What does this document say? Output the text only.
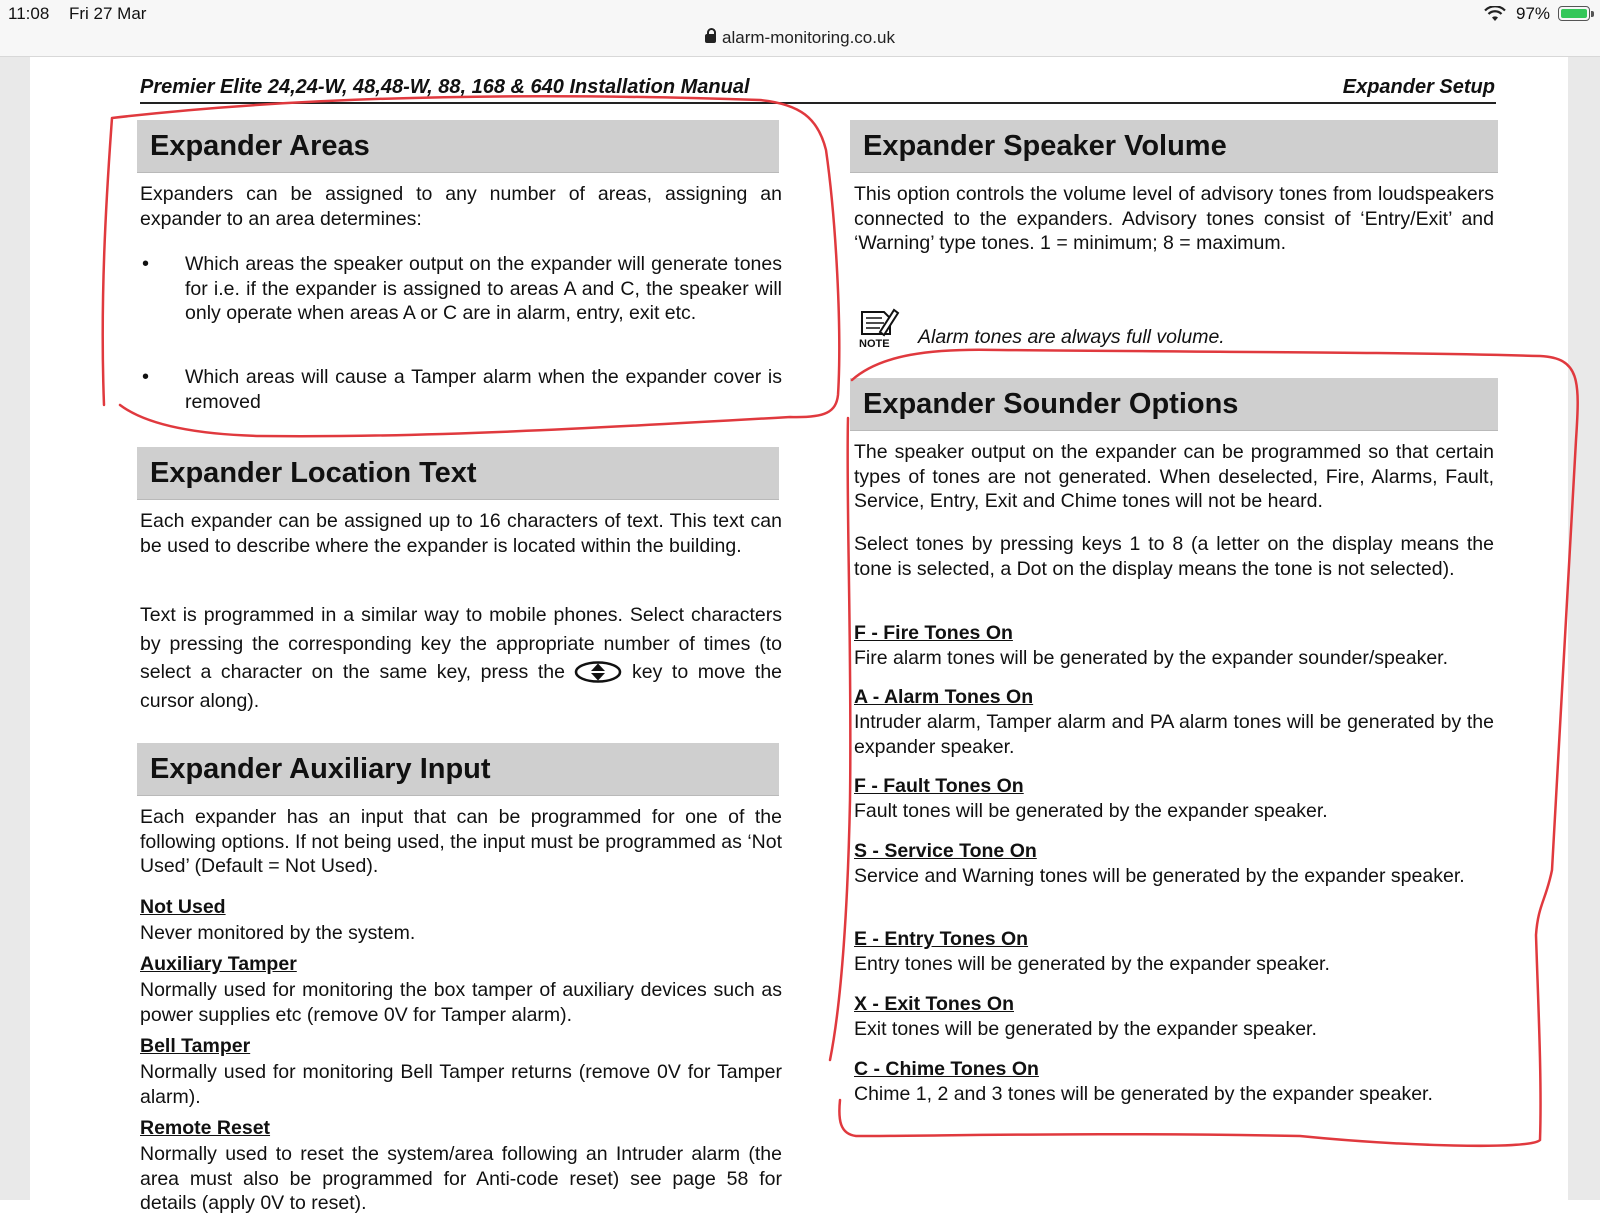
11:08 Fri 27 Mar	97%
alarm-monitoring.co.uk
Premier Elite 24,24-W, 48,48-W, 88, 168 & 640 Installation Manual	Expander Setup
Expander Areas

Expanders can be assigned to any number of areas, assigning an expander to an area determines:

• Which areas the speaker output on the expander will generate tones for i.e. if the expander is assigned to areas A and C, the speaker will only operate when areas A or C are in alarm, entry, exit etc.
• Which areas will cause a Tamper alarm when the expander cover is removed
Expander Location Text

Each expander can be assigned up to 16 characters of text. This text can be used to describe where the expander is located within the building.

Text is programmed in a similar way to mobile phones. Select characters by pressing the corresponding key the appropriate number of times (to select a character on the same key, press the	key to move the cursor along).

Expander Auxiliary Input

Each expander has an input that can be programmed for one of the following options. If not being used, the input must be programmed as ‘Not Used’ (Default = Not Used).

Not Used
Never monitored by the system.
Auxiliary Tamper
Normally used for monitoring the box tamper of auxiliary devices such as power supplies etc (remove 0V for Tamper alarm).
Bell Tamper
Normally used for monitoring Bell Tamper returns (remove 0V for Tamper alarm).
Remote Reset
Normally used to reset the system/area following an Intruder alarm (the area must also be programmed for Anti-code reset) see page 58 for details (apply 0V to reset).
Expander Speaker Volume

This option controls the volume level of advisory tones from loudspeakers connected to the expanders. Advisory tones consist of ‘Entry/Exit’ and ‘Warning’ type tones. 1 = minimum; 8 = maximum.

NOTE Alarm tones are always full volume.
Expander Sounder Options

The speaker output on the expander can be programmed so that certain types of tones are not generated. When deselected, Fire, Alarms, Fault, Service, Entry, Exit and Chime tones will not be heard.

Select tones by pressing keys 1 to 8 (a letter on the display means the tone is selected, a Dot on the display means the tone is not selected).

F - Fire Tones On
Fire alarm tones will be generated by the expander sounder/speaker.
A - Alarm Tones On
Intruder alarm, Tamper alarm and PA alarm tones will be generated by the expander speaker.
F - Fault Tones On
Fault tones will be generated by the expander speaker.
S - Service Tone On
Service and Warning tones will be generated by the expander speaker.
E - Entry Tones On
Entry tones will be generated by the expander speaker.
X - Exit Tones On
Exit tones will be generated by the expander speaker.
C - Chime Tones On
Chime 1, 2 and 3 tones will be generated by the expander speaker.
